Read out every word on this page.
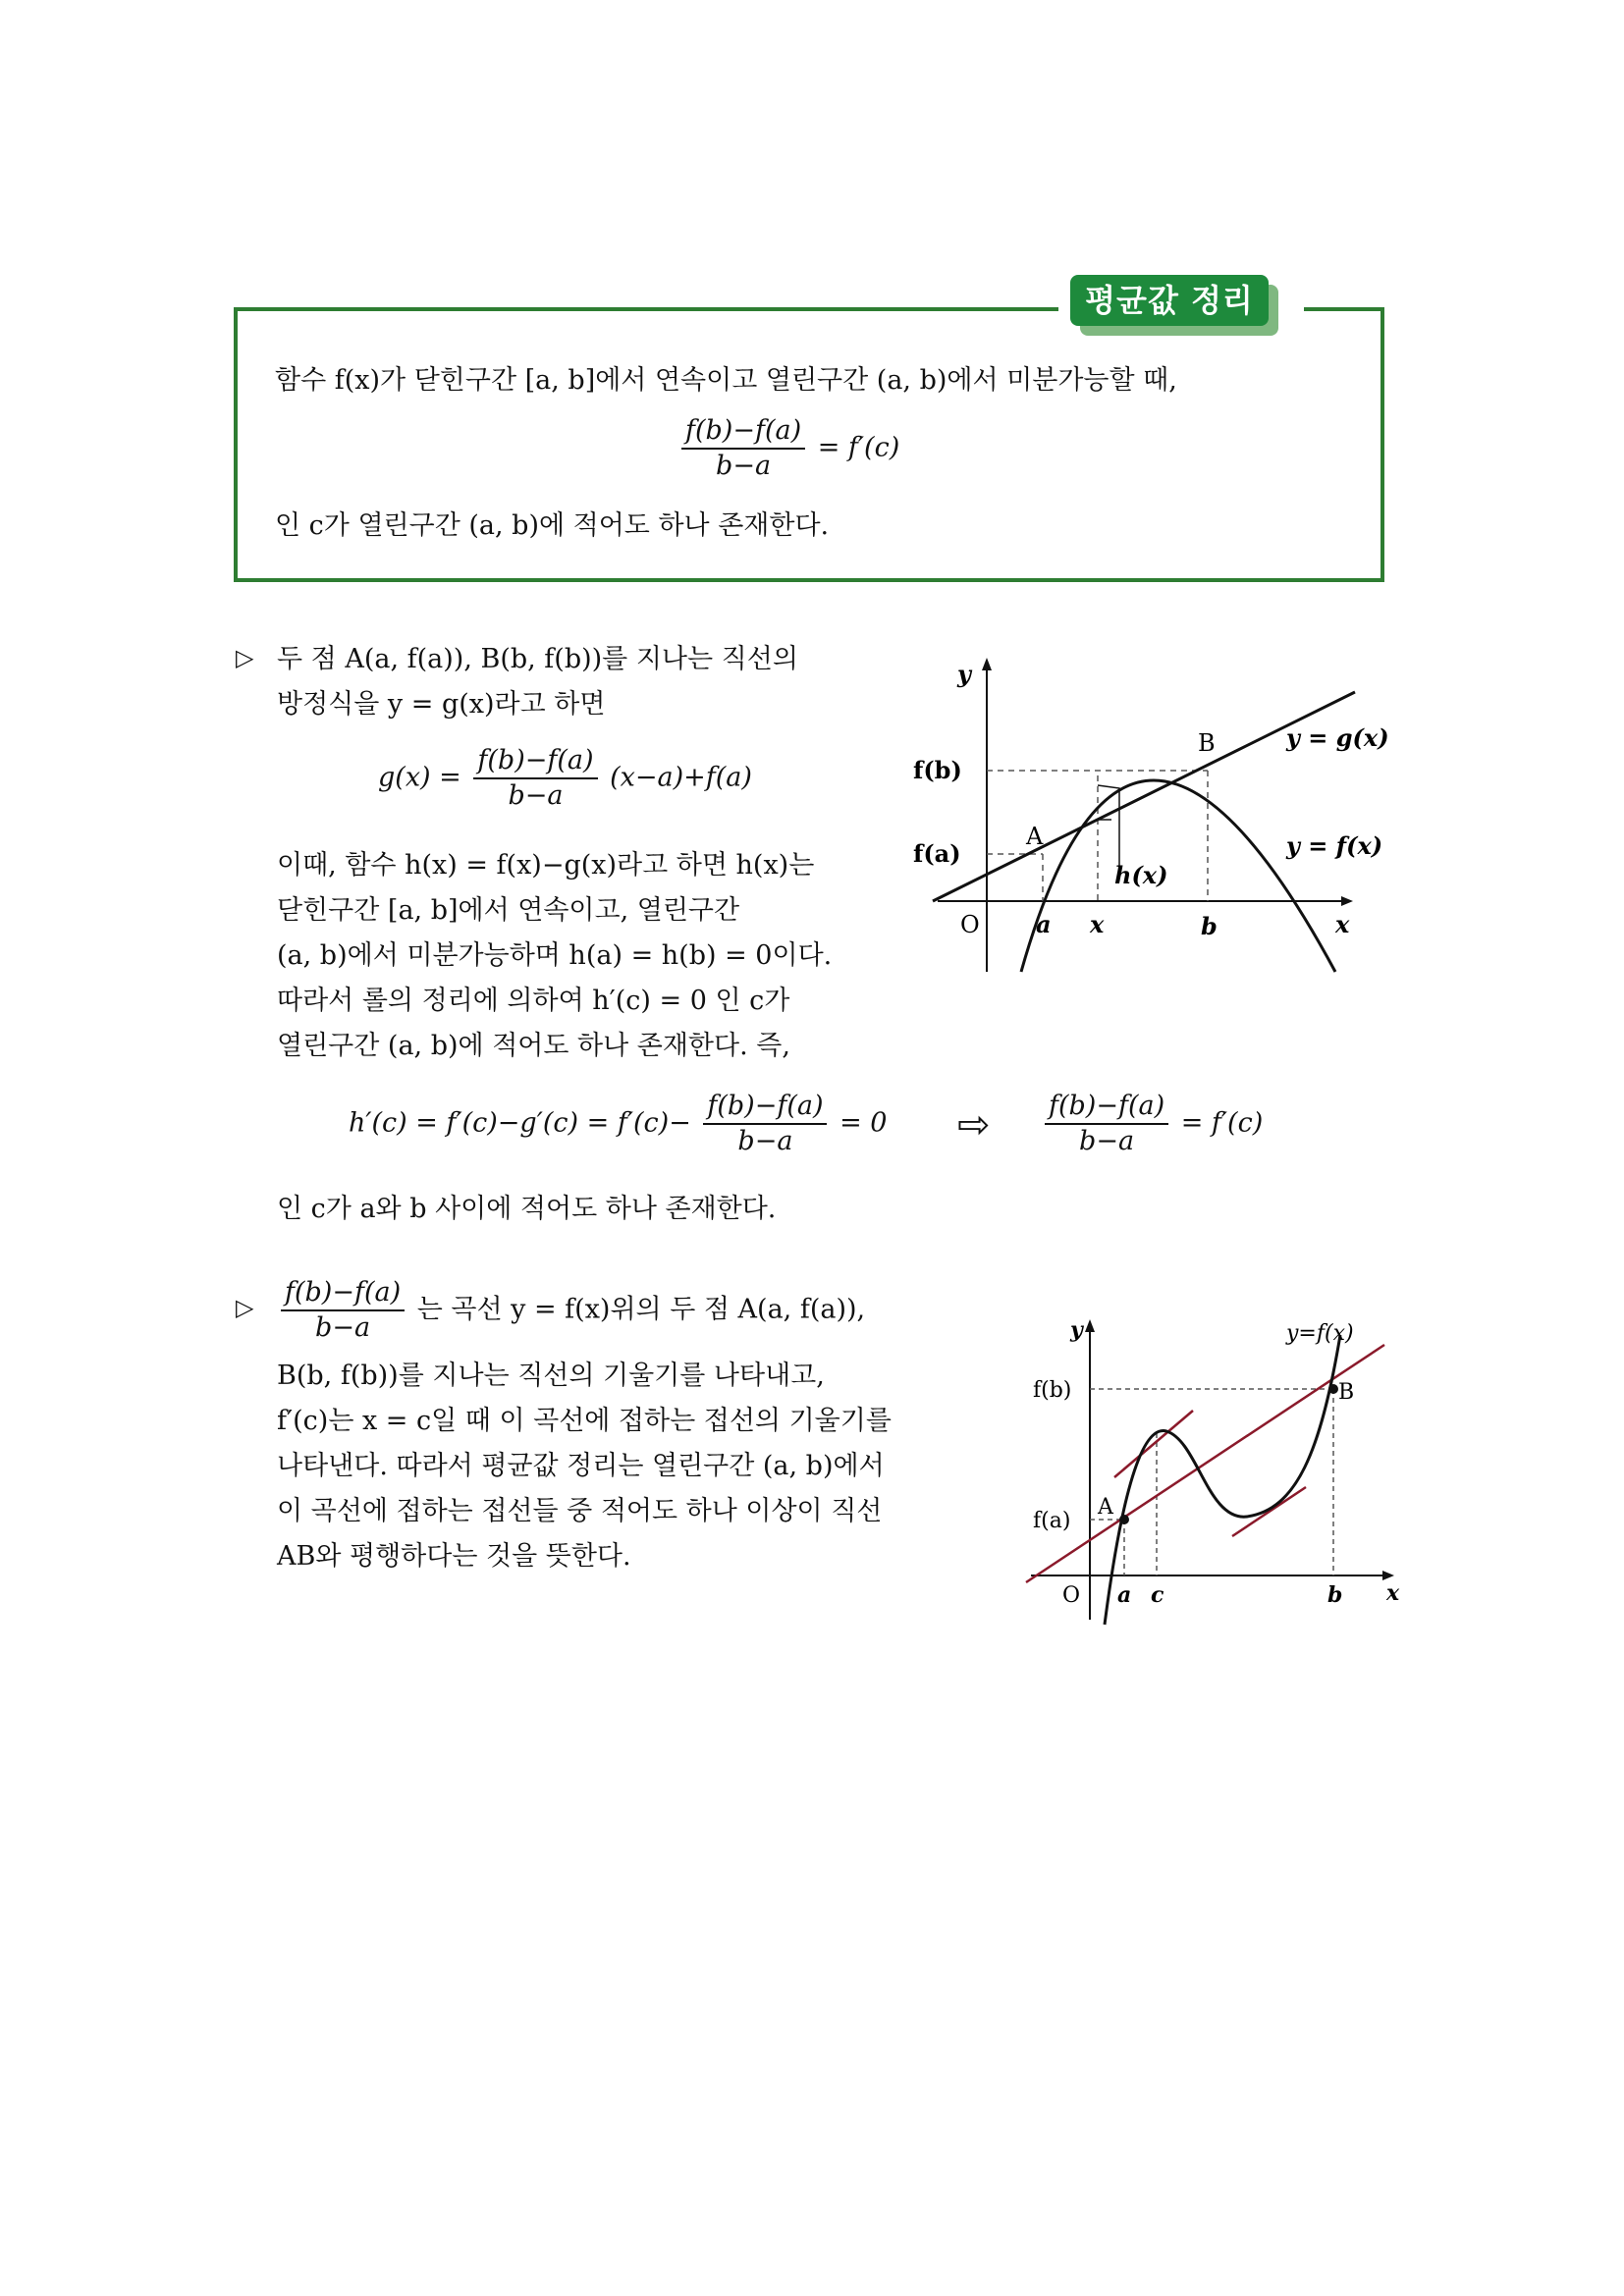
평균값 정리
함수 f(x)가 닫힌구간 [a, b]에서 연속이고 열린구간 (a, b)에서 미분가능할 때,
$\frac{f(b)-f(a)}{b-a} = f'(c)$
인 c가 열린구간 (a, b)에 적어도 하나 존재한다.
▷ 두 점 A(a, f(a)), B(b, f(b))를 지나는 직선의
방정식을 y = g(x)라고 하면
$g(x) = \frac{f(b)-f(a)}{b-a} (x-a)+f(a)$
이때, 함수 h(x) = f(x)−g(x)라고 하면 h(x)는
닫힌구간 [a, b]에서 연속이고, 열린구간
(a, b)에서 미분가능하며 h(a) = h(b) = 0이다.
따라서 롤의 정리에 의하여 h′(c) = 0 인 c가
열린구간 (a, b)에 적어도 하나 존재한다. 즉,
$h'(c) = f'(c)-g'(c) = f'(c)- \frac{f(b)-f(a)}{b-a} = 0$ ⇨ $\frac{f(b)-f(a)}{b-a} = f'(c)$
인 c가 a와 b 사이에 적어도 하나 존재한다.
▷ $\frac{f(b)-f(a)}{b-a}$ 는 곡선 y = f(x)위의 두 점 A(a, f(a)),
B(b, f(b))를 지나는 직선의 기울기를 나타내고,
f′(c)는 x = c일 때 이 곡선에 접하는 접선의 기울기를
나타낸다. 따라서 평균값 정리는 열린구간 (a, b)에서
이 곡선에 접하는 접선들 중 적어도 하나 이상이 직선
AB와 평행하다는 것을 뜻한다.
y
x
O
f(b)
f(a)
A
B	y = g(x)
y = f(x)
h(x)
a x	b
y
x
O
f(b)
f(a)
A
B
y=f(x)
a c	b
